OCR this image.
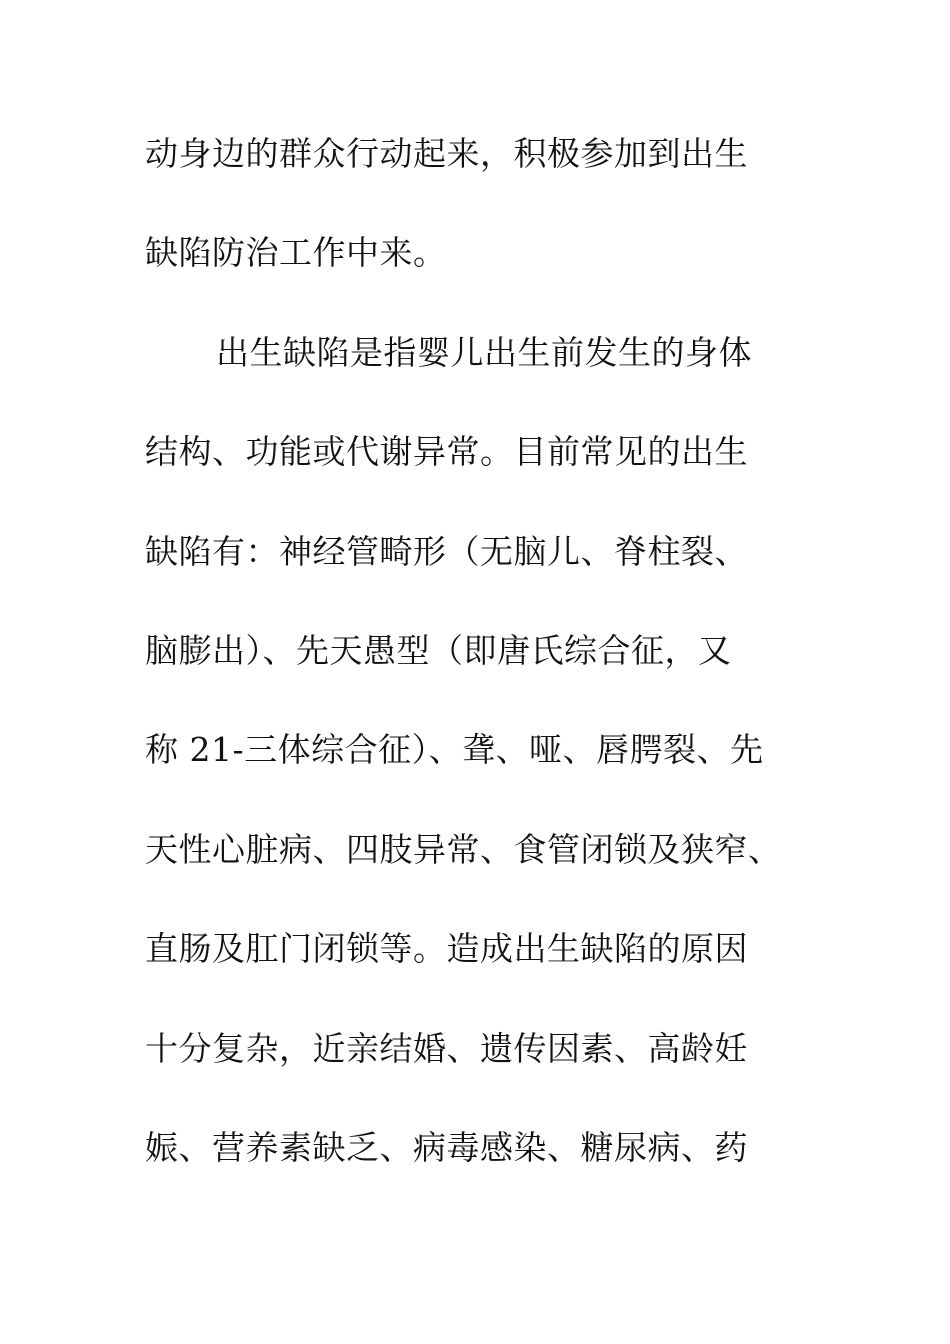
动身边的群众行动起来，积极参加到出生
缺陷防治工作中来。
出生缺陷是指婴儿出生前发生的身体
结构、功能或代谢异常。目前常见的出生
缺陷有：神经管畸形（无脑儿、脊柱裂、
脑膨出）、先天愚型（即唐氏综合征，又
称 21-三体综合征）、聋、哑、唇腭裂、先
天性心脏病、四肢异常、食管闭锁及狭窄、
直肠及肛门闭锁等。造成出生缺陷的原因
十分复杂，近亲结婚、遗传因素、高龄妊
娠、营养素缺乏、病毒感染、糖尿病、药
